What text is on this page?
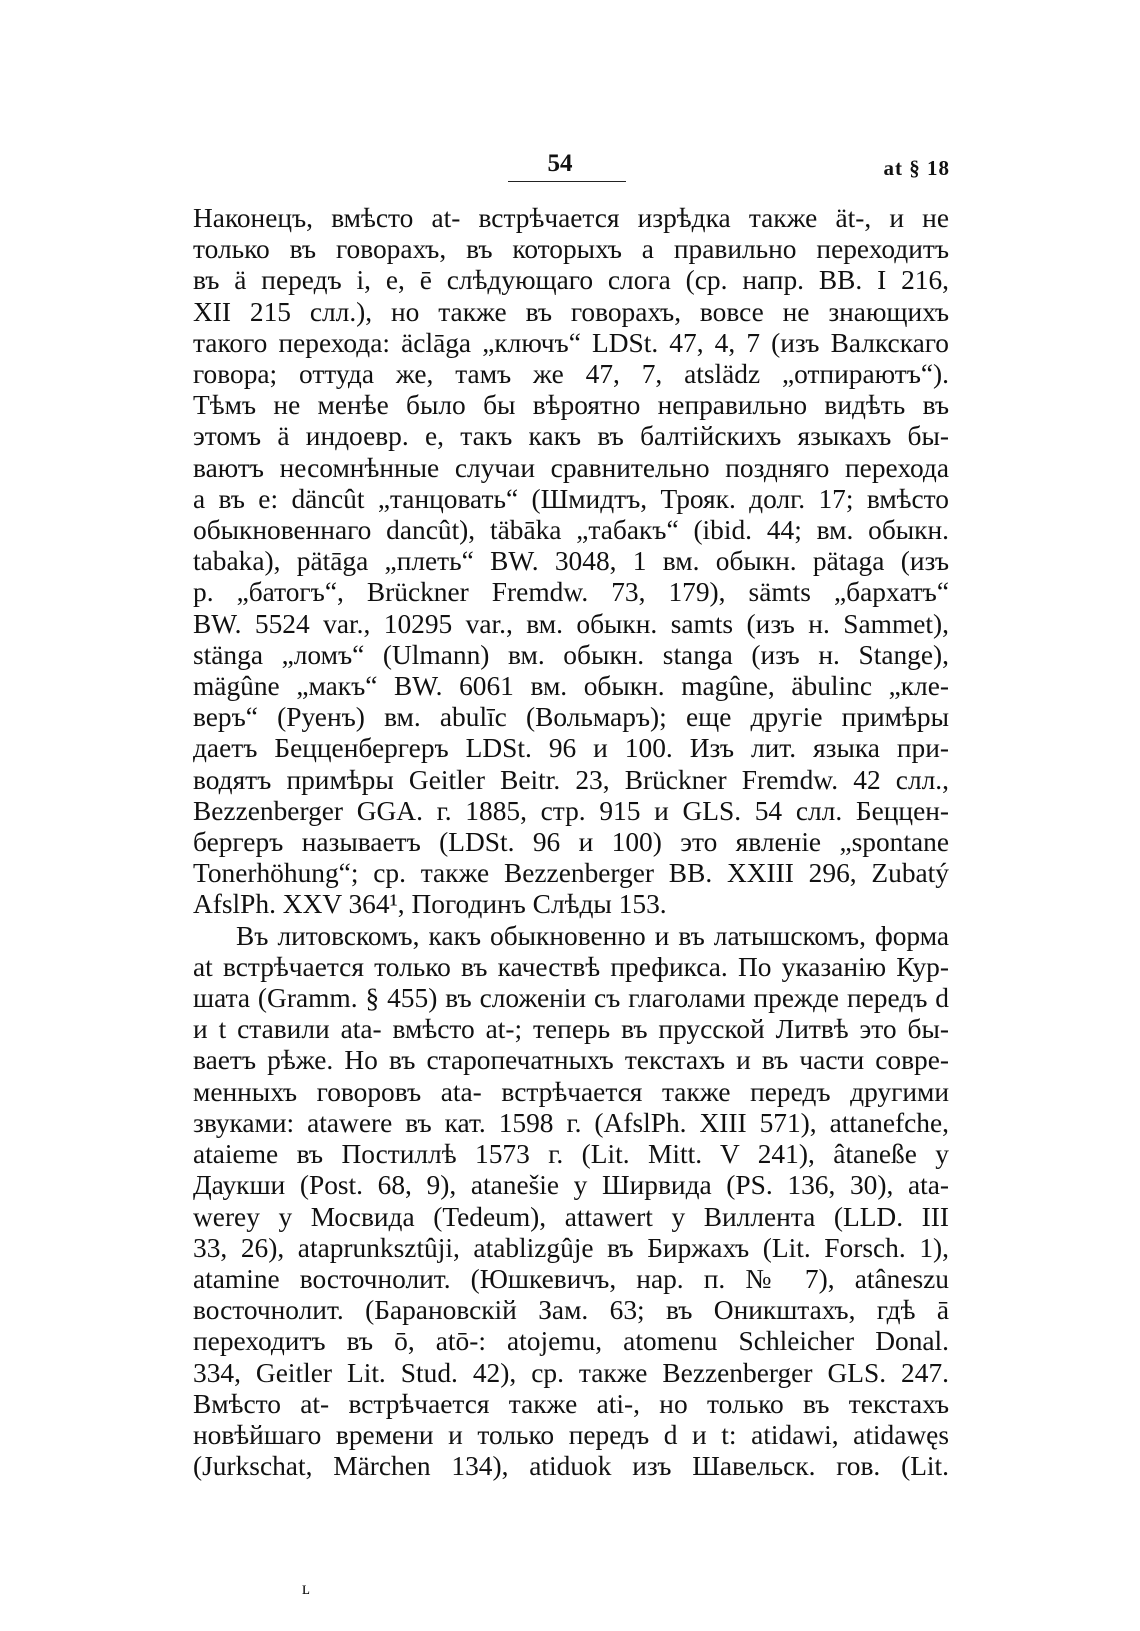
54	at § 18
Наконецъ, вмѣсто at- встрѣчается изрѣдка также ät-, и не
только въ говорахъ, въ которыхъ a правильно переходитъ
въ ä передъ i, e, ē слѣдующаго слога (ср. напр. BB. I 216,
XII 215 слл.), но также въ говорахъ, вовсе не знающихъ
такого перехода: äclāga „ключъ“ LDSt. 47, 4, 7 (изъ Валкскаго
говора; оттуда же, тамъ же 47, 7, atslädz „отпираютъ“).
Тѣмъ не менѣе было бы вѣроятно неправильно видѣть въ
этомъ ä индоевр. e, такъ какъ въ балтійскихъ языкахъ бы-
ваютъ несомнѣнные случаи сравнительно поздняго перехода
a въ e: däncût „танцовать“ (Шмидтъ, Трояк. долг. 17; вмѣсто
обыкновеннаго dancût), täbāka „табакъ“ (ibid. 44; вм. обыкн.
tabaka), pätāga „плеть“ BW. 3048, 1 вм. обыкн. pätaga (изъ
р. „батогъ“, Brückner Fremdw. 73, 179), sämts „бархатъ“
BW. 5524 var., 10295 var., вм. обыкн. samts (изъ н. Sammet),
stänga „ломъ“ (Ulmann) вм. обыкн. stanga (изъ н. Stange),
mägûne „макъ“ BW. 6061 вм. обыкн. magûne, äbulinc „кле-
веръ“ (Руенъ) вм. abulīc (Вольмаръ); еще другіе примѣры
даетъ Бецценбергеръ LDSt. 96 и 100. Изъ лит. языка при-
водятъ примѣры Geitler Beitr. 23, Brückner Fremdw. 42 слл.,
Bezzenberger GGA. г. 1885, стр. 915 и GLS. 54 слл. Беццен-
бергеръ называетъ (LDSt. 96 и 100) это явленіе „spontane
Tonerhöhung“; ср. также Bezzenberger BB. XXIII 296, Zubatý
AfslPh. XXV 364¹, Погодинъ Слѣды 153.
Въ литовскомъ, какъ обыкновенно и въ латышскомъ, форма
at встрѣчается только въ качествѣ префикса. По указанію Кур-
шата (Gramm. § 455) въ сложеніи съ глаголами прежде передъ d
и t ставили ata- вмѣсто at-; теперь въ прусской Литвѣ это бы-
ваетъ рѣже. Но въ старопечатныхъ текстахъ и въ части совре-
менныхъ говоровъ ata- встрѣчается также передъ другими
звуками: atawere въ кат. 1598 г. (AfslPh. XIII 571), attanefche,
ataieme въ Постиллѣ 1573 г. (Lit. Mitt. V 241), âtaneße у
Даукши (Post. 68, 9), atanešie у Ширвида (PS. 136, 30), ata-
werey у Мосвида (Tedeum), attawert у Виллента (LLD. III
33, 26), ataprunksztûji, atablizgûje въ Биржахъ (Lit. Forsch. 1),
atamine восточнолит. (Юшкевичъ, нар. п. № 7), atâneszu
восточнолит. (Барановскій Зам. 63; въ Оникштахъ, гдѣ ā
переходитъ въ ō, atō-: atojemu, atomenu Schleicher Donal.
334, Geitler Lit. Stud. 42), ср. также Bezzenberger GLS. 247.
Вмѣсто at- встрѣчается также ati-, но только въ текстахъ
новѣйшаго времени и только передъ d и t: atidawi, atidawęs
(Jurkschat, Märchen 134), atiduok изъ Шавельск. гов. (Lit.
ʟ
